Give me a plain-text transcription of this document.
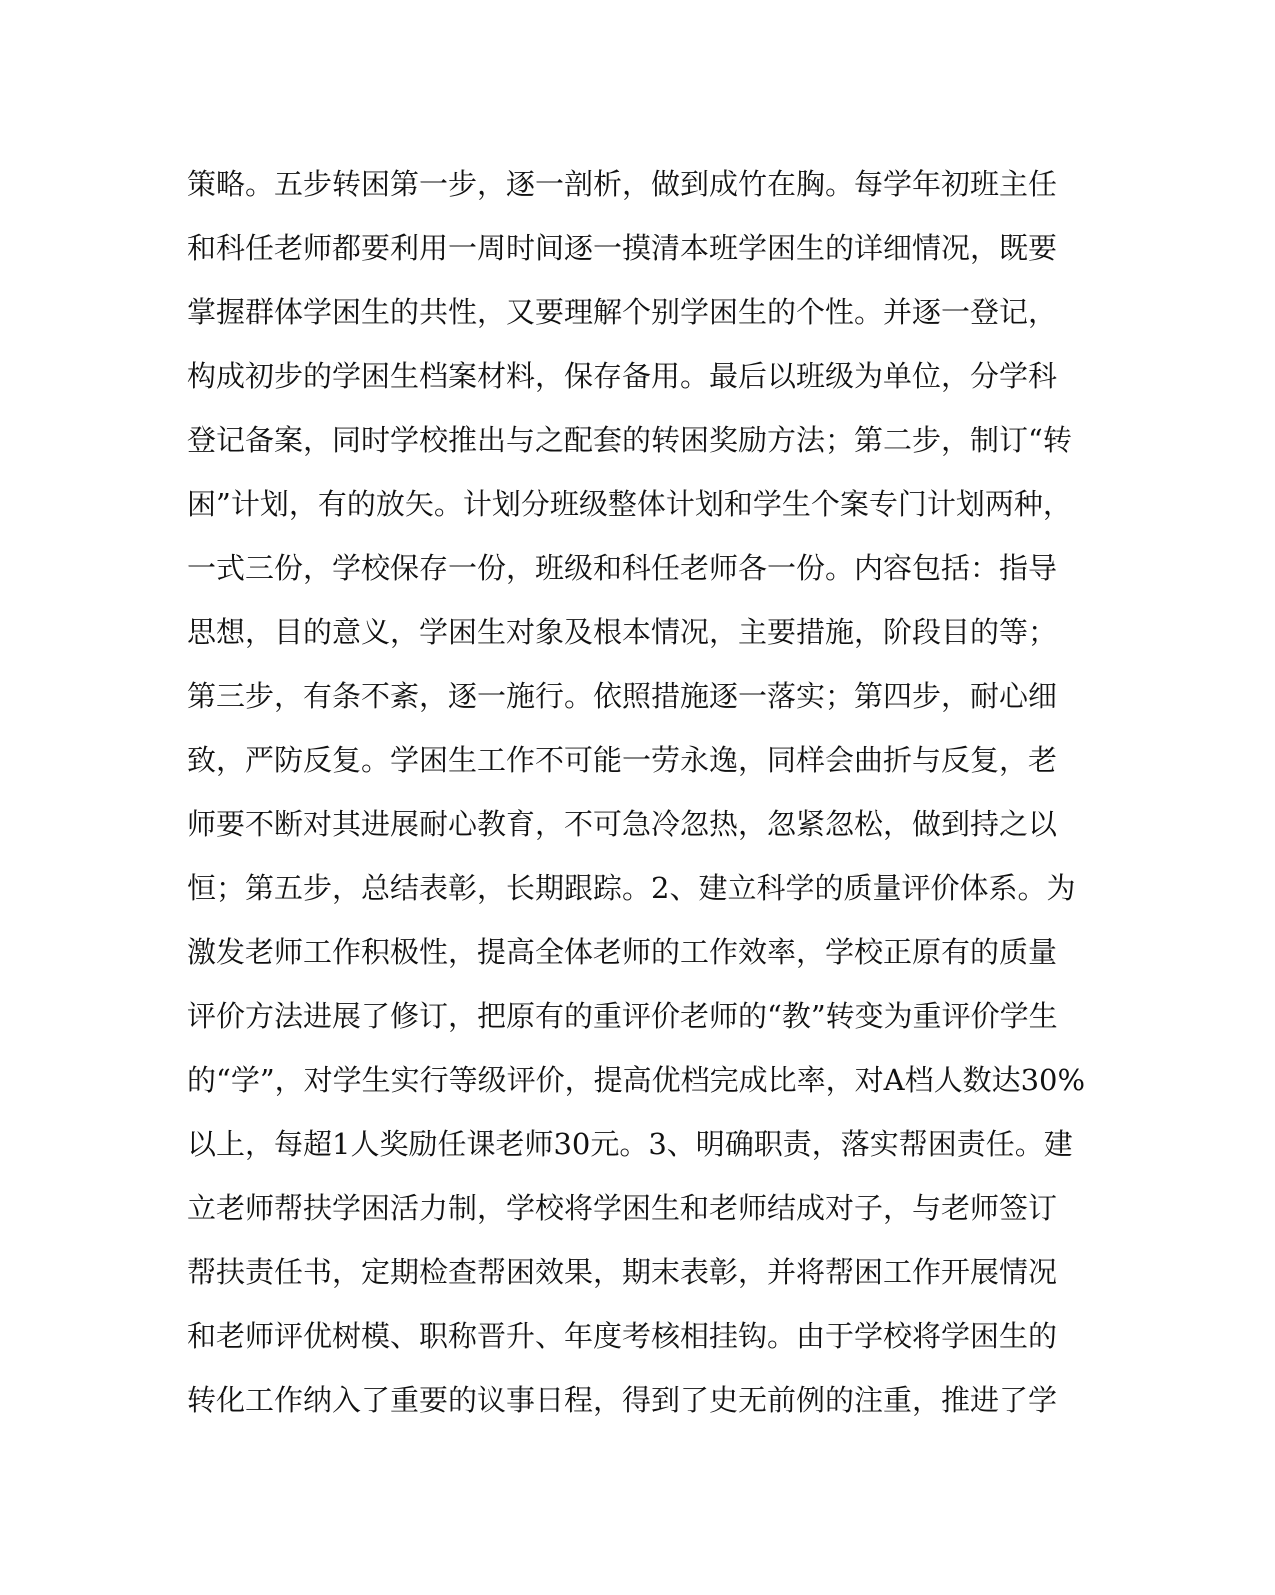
策略。五步转困第一步，逐一剖析，做到成竹在胸。每学年初班主任
和科任老师都要利用一周时间逐一摸清本班学困生的详细情况，既要
掌握群体学困生的共性，又要理解个别学困生的个性。并逐一登记，
构成初步的学困生档案材料，保存备用。最后以班级为单位，分学科
登记备案，同时学校推出与之配套的转困奖励方法；第二步，制订“转
困”计划，有的放矢。计划分班级整体计划和学生个案专门计划两种，
一式三份，学校保存一份，班级和科任老师各一份。内容包括：指导
思想，目的意义，学困生对象及根本情况，主要措施，阶段目的等；
第三步，有条不紊，逐一施行。依照措施逐一落实；第四步，耐心细
致，严防反复。学困生工作不可能一劳永逸，同样会曲折与反复，老
师要不断对其进展耐心教育，不可急冷忽热，忽紧忽松，做到持之以
恒；第五步，总结表彰，长期跟踪。2、建立科学的质量评价体系。为
激发老师工作积极性，提高全体老师的工作效率，学校正原有的质量
评价方法进展了修订，把原有的重评价老师的“教”转变为重评价学生
的“学”，对学生实行等级评价，提高优档完成比率，对A档人数达30%
以上，每超1人奖励任课老师30元。3、明确职责，落实帮困责任。建
立老师帮扶学困活力制，学校将学困生和老师结成对子，与老师签订
帮扶责任书，定期检查帮困效果，期末表彰，并将帮困工作开展情况
和老师评优树模、职称晋升、年度考核相挂钩。由于学校将学困生的
转化工作纳入了重要的议事日程，得到了史无前例的注重，推进了学
